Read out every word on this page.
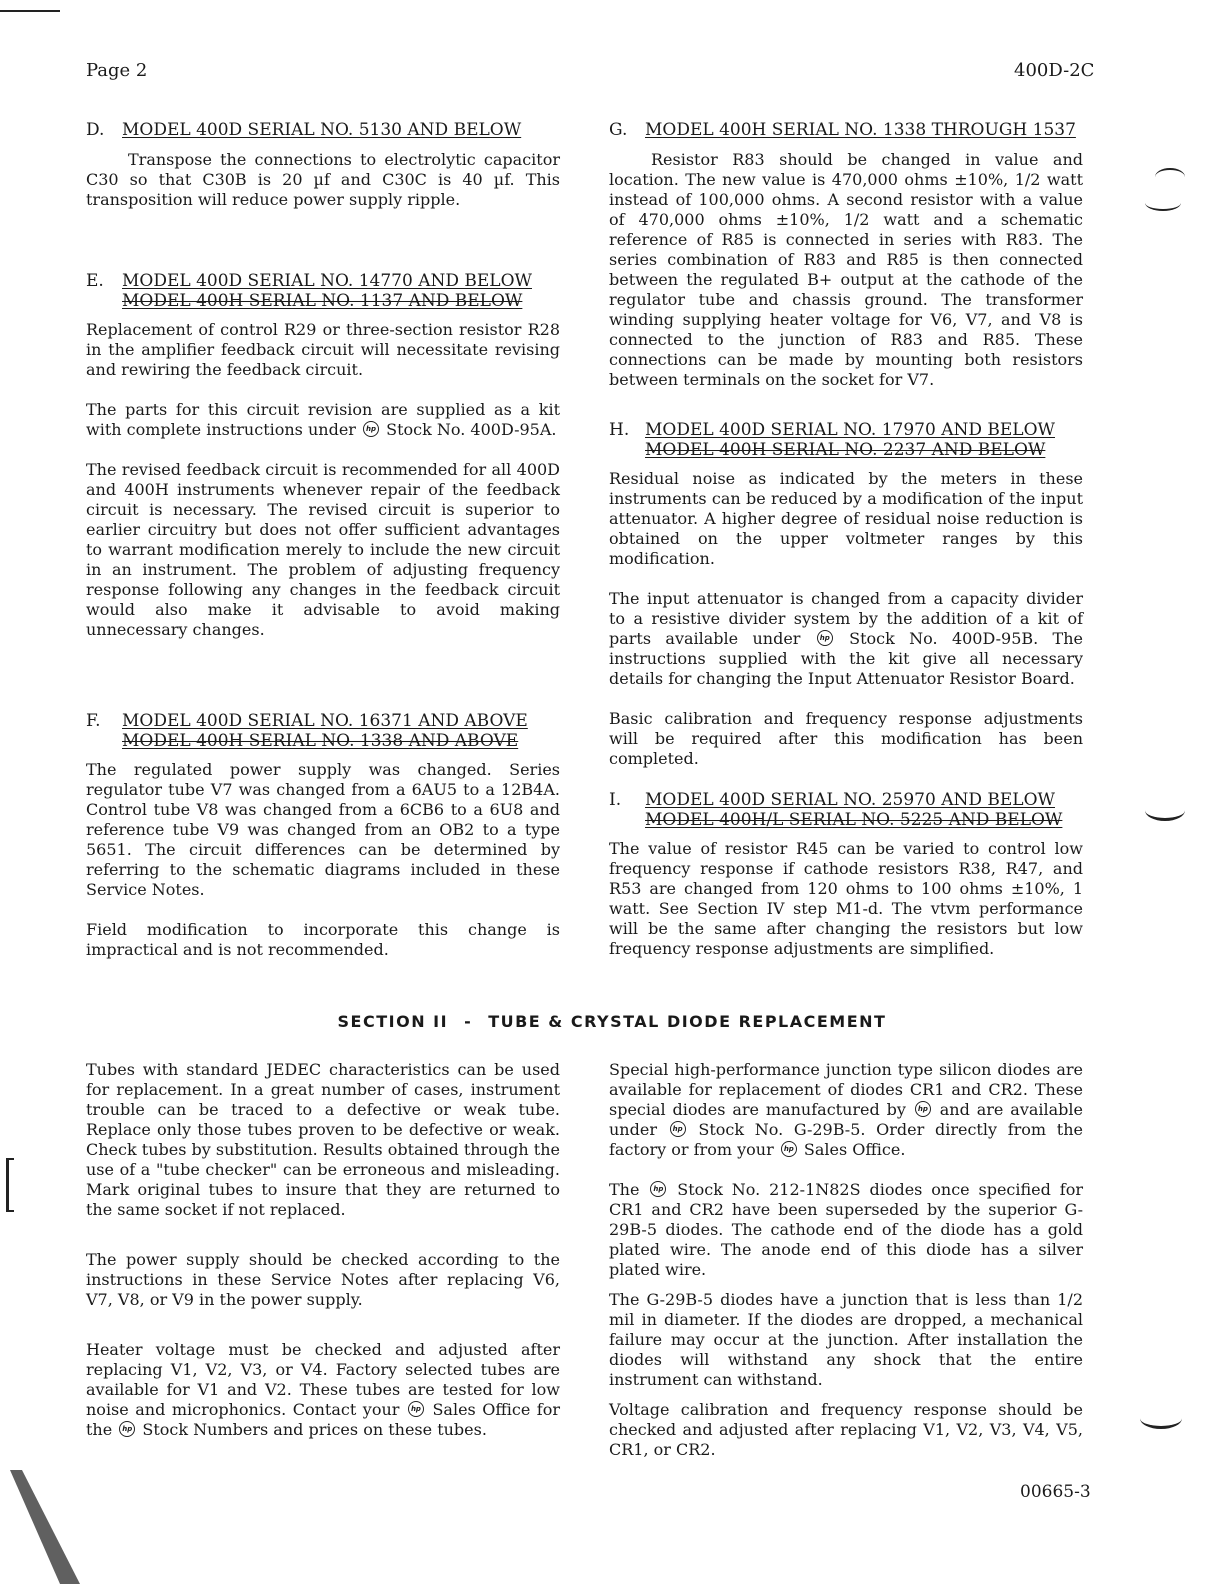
Page 2	400D-2C

D. MODEL 400D SERIAL NO. 5130 AND BELOW

Transpose the connections to electrolytic capacitor C30 so that C30B is 20 µf and C30C is 40 µf. This transposition will reduce power supply ripple.

E. MODEL 400D SERIAL NO. 14770 AND BELOW

MODEL 400H SERIAL NO. 1137 AND BELOW

Replacement of control R29 or three-section resistor R28 in the amplifier feedback circuit will necessitate revising and rewiring the feedback circuit.

The parts for this circuit revision are supplied as a kit with complete instructions under hp Stock No. 400D-95A.

The revised feedback circuit is recommended for all 400D and 400H instruments whenever repair of the feedback circuit is necessary. The revised circuit is superior to earlier circuitry but does not offer sufficient advantages to warrant modification merely to include the new circuit in an instrument. The problem of adjusting frequency response following any changes in the feedback circuit would also make it advisable to avoid making unnecessary changes.

F. MODEL 400D SERIAL NO. 16371 AND ABOVE

MODEL 400H SERIAL NO. 1338 AND ABOVE

The regulated power supply was changed. Series regulator tube V7 was changed from a 6AU5 to a 12B4A. Control tube V8 was changed from a 6CB6 to a 6U8 and reference tube V9 was changed from an OB2 to a type 5651. The circuit differences can be determined by referring to the schematic diagrams included in these Service Notes.

Field modification to incorporate this change is impractical and is not recommended.

G. MODEL 400H SERIAL NO. 1338 THROUGH 1537

Resistor R83 should be changed in value and location. The new value is 470,000 ohms ±10%, 1/2 watt instead of 100,000 ohms. A second resistor with a value of 470,000 ohms ±10%, 1/2 watt and a schematic reference of R85 is connected in series with R83. The series combination of R83 and R85 is then connected between the regulated B+ output at the cathode of the regulator tube and chassis ground. The transformer winding supplying heater voltage for V6, V7, and V8 is connected to the junction of R83 and R85. These connections can be made by mounting both resistors between terminals on the socket for V7.

H. MODEL 400D SERIAL NO. 17970 AND BELOW

MODEL 400H SERIAL NO. 2237 AND BELOW

Residual noise as indicated by the meters in these instruments can be reduced by a modification of the input attenuator. A higher degree of residual noise reduction is obtained on the upper voltmeter ranges by this modification.

The input attenuator is changed from a capacity divider to a resistive divider system by the addition of a kit of parts available under hp	Stock No. 400D-95B. The instructions supplied with the kit give all necessary details for changing the Input Attenuator Resistor Board.

Basic calibration and frequency response adjustments will be required after this modification has been completed.

I. MODEL 400D SERIAL NO. 25970 AND BELOW

MODEL 400H/L SERIAL NO. 5225 AND BELOW

The value of resistor R45 can be varied to control low frequency response if cathode resistors R38, R47, and R53 are changed from 120 ohms to 100 ohms ±10%, 1 watt. See Section IV step M1-d. The vtvm performance will be the same after changing the resistors but low frequency response adjustments are simplified.

SECTION II - TUBE & CRYSTAL DIODE REPLACEMENT

Tubes with standard JEDEC characteristics can be used for replacement. In a great number of cases, instrument trouble can be traced to a defective or weak tube. Replace only those tubes proven to be defective or weak. Check tubes by substitution. Results obtained through the use of a "tube checker" can be erroneous and misleading. Mark original tubes to insure that they are returned to the same socket if not replaced.

The power supply should be checked according to the instructions in these Service Notes after replacing V6, V7, V8, or V9 in the power supply.

Heater voltage must be checked and adjusted after replacing V1, V2, V3, or V4. Factory selected tubes are available for V1 and V2. These tubes are tested for low noise and microphonics. Contact your hp Sales Office for the hp Stock Numbers and prices on these tubes.

Special high-performance junction type silicon diodes are available for replacement of diodes CR1 and CR2. These special diodes are manufactured by hp and are available under hp	Stock No. G-29B-5. Order directly from the factory or from your hp Sales Office.

The hp Stock No. 212-1N82S diodes once specified for CR1 and CR2 have been superseded by the superior G-29B-5 diodes. The cathode end of the diode has a gold plated wire. The anode end of this diode has a silver plated wire.

The G-29B-5 diodes have a junction that is less than 1/2 mil in diameter. If the diodes are dropped, a mechanical failure may occur at the junction. After installation the diodes will withstand any shock that the entire instrument can withstand.

Voltage calibration and frequency response should be checked and adjusted after replacing V1, V2, V3, V4, V5, CR1, or CR2.

00665-3
